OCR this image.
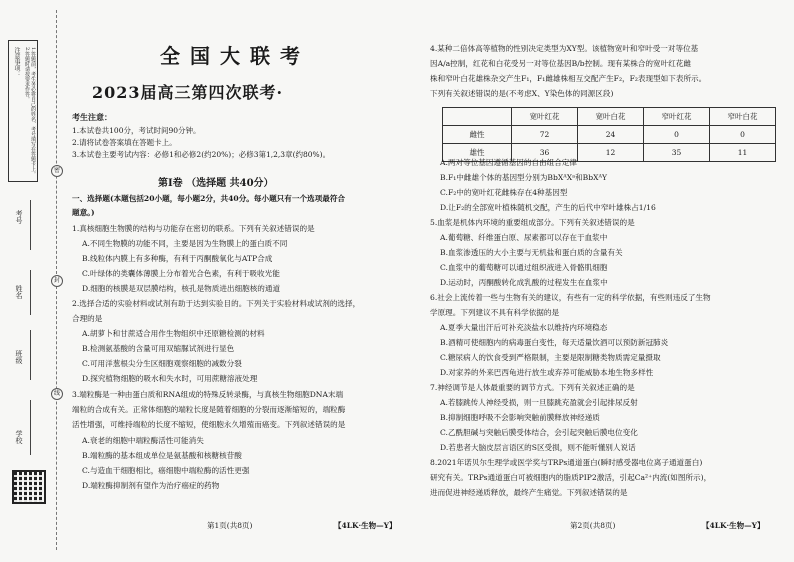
注意事项：	1.答题前，考生务必将自己的姓名、考号填写在答题卡上。2.答题时请按要求作答。
考号
姓名
班级
学校
密
封
线
全国大联考
2023届高三第四次联考·
考生注意：
1.本试卷共100分，考试时间90分钟。
2.请将试卷答案填在答题卡上。
3.本试卷主要考试内容：必修1和必修2(约20%)；必修3第1,2,3章(约80%)。
第Ⅰ卷 （选择题 共40分）
一、选择题(本题包括20小题，每小题2分，共40分。每小题只有一个选项最符合
题意。)
1.真核细胞生物膜的结构与功能存在密切的联系。下列有关叙述错误的是
A.不同生物膜的功能不同，主要是因为生物膜上的蛋白质不同
B.线粒体内膜上有多种酶，有利于丙酮酸氧化与ATP合成
C.叶绿体的类囊体薄膜上分布着光合色素，有利于吸收光能
D.细胞的核膜是双层膜结构，核孔是物质进出细胞核的通道
2.选择合适的实验材料或试剂有助于达到实验目的。下列关于实验材料或试剂的选择，
合理的是
A.胡萝卜和甘蔗适合用作生物组织中还原糖检测的材料
B.检测氨基酸的含量可用双缩脲试剂进行显色
C.可用洋葱根尖分生区细胞观察细胞的减数分裂
D.探究植物细胞的吸水和失水时，可用蔗糖溶液处理
3.端粒酶是一种由蛋白质和RNA组成的特殊反转录酶，与真核生物细胞DNA末端
端粒的合成有关。正常体细胞的端粒长度是随着细胞的分裂而逐渐缩短的，端粒酶
活性增强，可维持端粒的长度不缩短，使细胞永久增殖而癌变。下列叙述错误的是
A.衰老的细胞中端粒酶活性可能消失
B.端粒酶的基本组成单位是氨基酸和核糖核苷酸
C.与造血干细胞相比，癌细胞中端粒酶的活性更强
D.端粒酶抑制剂有望作为治疗癌症的药物
第1页(共8页)	【4LK·生物—Y】
4.某种二倍体高等植物的性别决定类型为XY型。该植物宽叶和窄叶受一对等位基
因A/a控制，红花和白花受另一对等位基因B/b控制。现有某株合的宽叶红花雌
株和窄叶白花雄株杂交产生F₁，F₁雌雄株相互交配产生F₂，F₂表现型如下表所示。
下列有关叙述错误的是(不考虑X、Y染色体的同源区段)
	宽叶红花	宽叶白花	窄叶红花	窄叶白花
雌性	72	24	0	0
雄性	36	12	35	11
A.两对等位基因遵循基因的自由组合定律
B.F₁中雌雄个体的基因型分别为BbXᴬXᵃ和BbXᴬY
C.F₂中的宽叶红花雌株存在4种基因型
D.让F₂的全部宽叶植株随机交配，产生的后代中窄叶雄株占1/16
5.血浆是机体内环境的重要组成部分。下列有关叙述错误的是
A.葡萄糖、纤维蛋白原、尿素都可以存在于血浆中
B.血浆渗透压的大小主要与无机盐和蛋白质的含量有关
C.血浆中的葡萄糖可以通过组织液进入骨骼肌细胞
D.运动时，丙酮酸转化成乳酸的过程发生在血浆中
6.社会上流传着一些与生物有关的建议，有些有一定的科学依据，有些则违反了生物
学原理。下列建议不具有科学依据的是
A.夏季大量出汗后可补充淡盐水以维持内环境稳态
B.酒精可使细胞内的病毒蛋白变性，每天适量饮酒可以预防新冠肺炎
C.糖尿病人的饮食受到严格限制，主要是限制糖类物质需定量摄取
D.对家养的外来巴西龟进行放生或弃养可能威胁本地生物多样性
7.神经调节是人体最重要的调节方式。下列有关叙述正确的是
A.若膝跳传人神经受损，则一旦膝跳充盈就会引起排尿反射
B.抑制细胞呼吸不会影响突触前膜释放神经递质
C.乙酰胆碱与突触后膜受体结合，会引起突触后膜电位变化
D.若患者大脑皮层言语区的S区受损，则不能听懂别人说话
8.2021年诺贝尔生理学或医学奖与TRPs通道蛋白(瞬时感受器电位离子通道蛋白)
研究有关。TRPs通道蛋白可被细胞内的脂质PIP2激活，引起Ca²⁺内流(如图所示)，
进而促进神经递质释放，最终产生痛觉。下列叙述错误的是
第2页(共8页)	【4LK·生物—Y】
